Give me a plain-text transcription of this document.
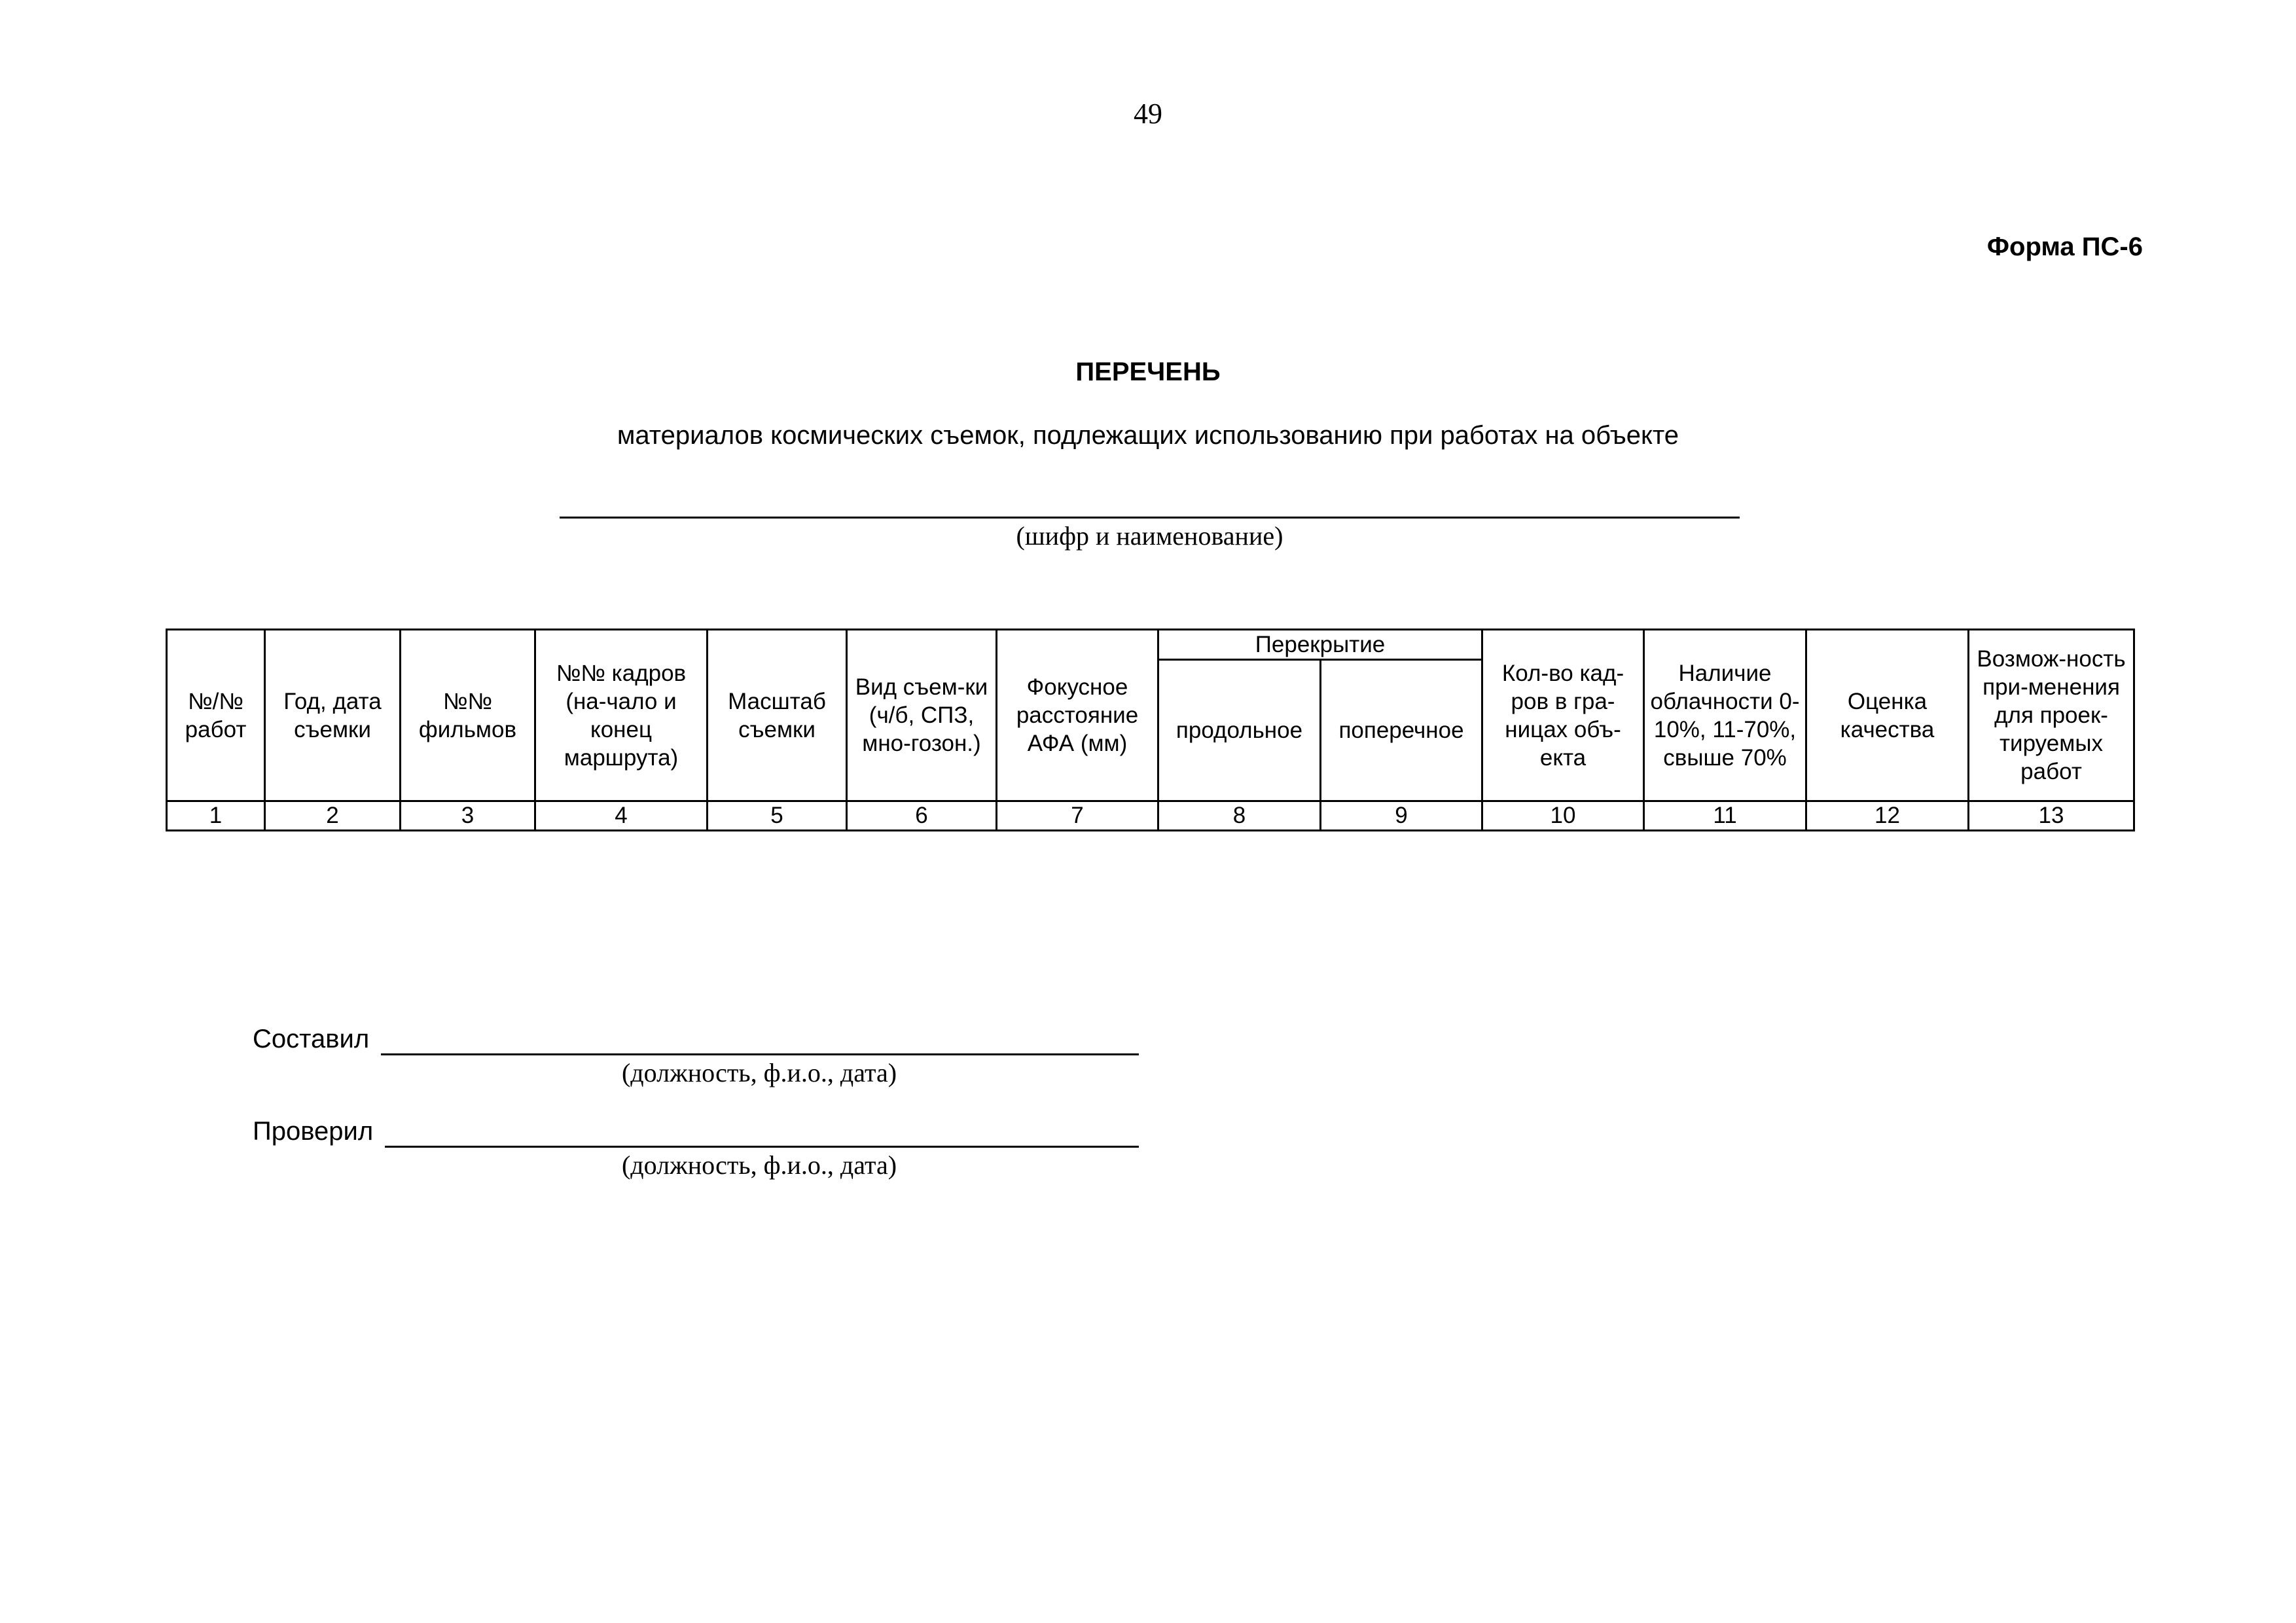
49
Форма ПС-6
ПЕРЕЧЕНЬ
материалов космических съемок, подлежащих использованию при работах на объекте
(шифр и наименование)
№/№ работ	Год, дата съемки	№№ фильмов	№№ кадров (на-чало и конец маршрута)	Масштаб съемки	Вид съем-ки (ч/б, СПЗ, мно-гозон.)	Фокусное расстояние АФА (мм)	Перекрытие		Кол-во кад-ров в гра-ницах объ-екта	Наличие облачности 0-10%, 11-70%, свыше 70%	Оценка качества	Возмож-ность при-менения для проек-тируемых работ
							продольное	поперечное				
1	2	3	4	5	6	7	8	9	10	11	12	13
Составил
(должность, ф.и.о., дата)
Проверил
(должность, ф.и.о., дата)
